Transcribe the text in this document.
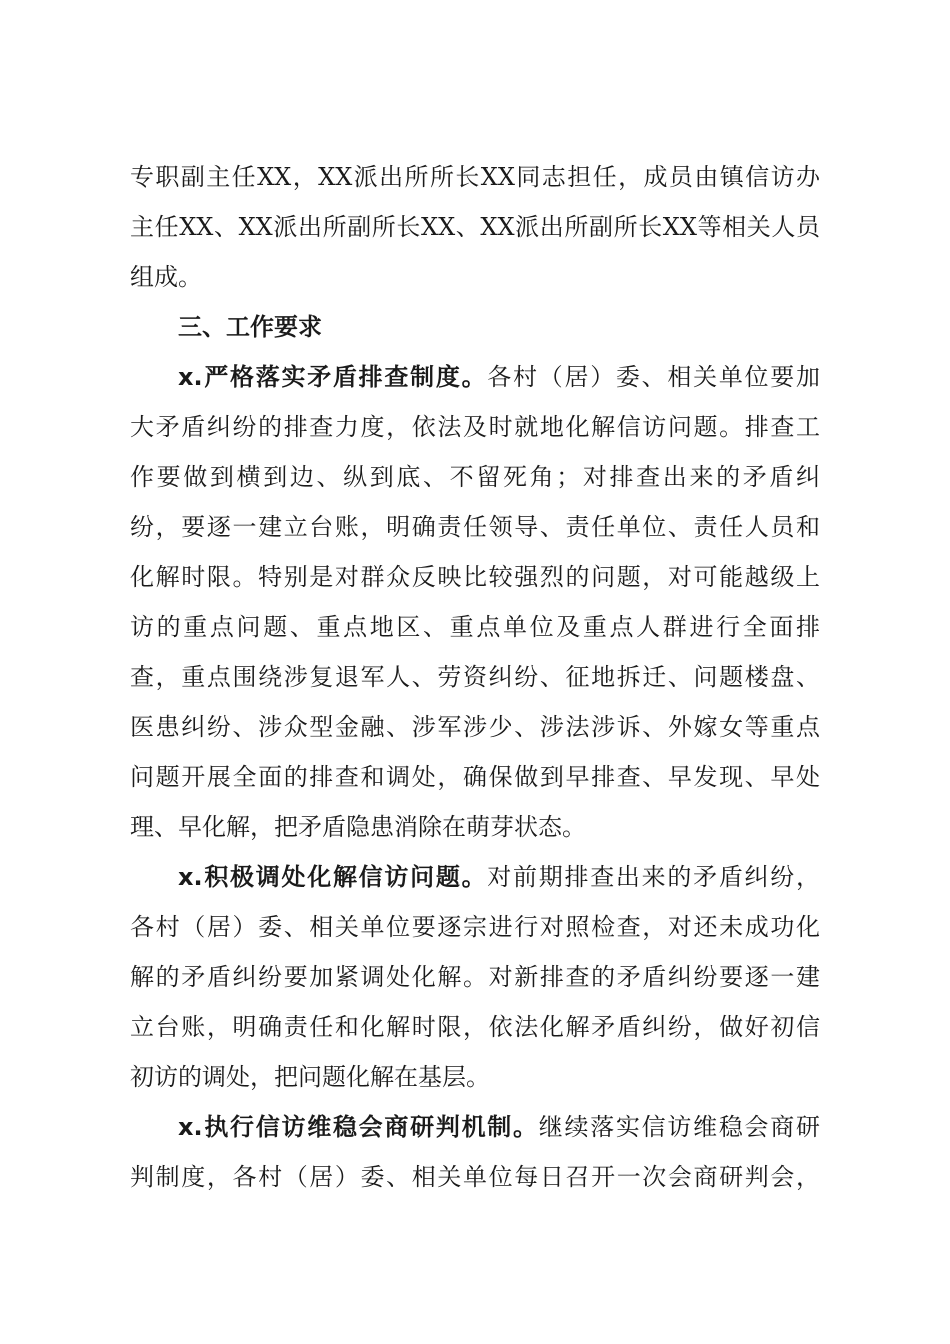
专职副主任XX，XX派出所所长XX同志担任，成员由镇信访办
主任XX、XX派出所副所长XX、XX派出所副所长XX等相关人员
组成。
三、工作要求
x.严格落实矛盾排查制度。各村（居）委、相关单位要加
大矛盾纠纷的排查力度，依法及时就地化解信访问题。排查工
作要做到横到边、纵到底、不留死角；对排查出来的矛盾纠
纷，要逐一建立台账，明确责任领导、责任单位、责任人员和
化解时限。特别是对群众反映比较强烈的问题，对可能越级上
访的重点问题、重点地区、重点单位及重点人群进行全面排
查，重点围绕涉复退军人、劳资纠纷、征地拆迁、问题楼盘、
医患纠纷、涉众型金融、涉军涉少、涉法涉诉、外嫁女等重点
问题开展全面的排查和调处，确保做到早排查、早发现、早处
理、早化解，把矛盾隐患消除在萌芽状态。
x.积极调处化解信访问题。对前期排查出来的矛盾纠纷，
各村（居）委、相关单位要逐宗进行对照检查，对还未成功化
解的矛盾纠纷要加紧调处化解。对新排查的矛盾纠纷要逐一建
立台账，明确责任和化解时限，依法化解矛盾纠纷，做好初信
初访的调处，把问题化解在基层。
x.执行信访维稳会商研判机制。继续落实信访维稳会商研
判制度，各村（居）委、相关单位每日召开一次会商研判会，
